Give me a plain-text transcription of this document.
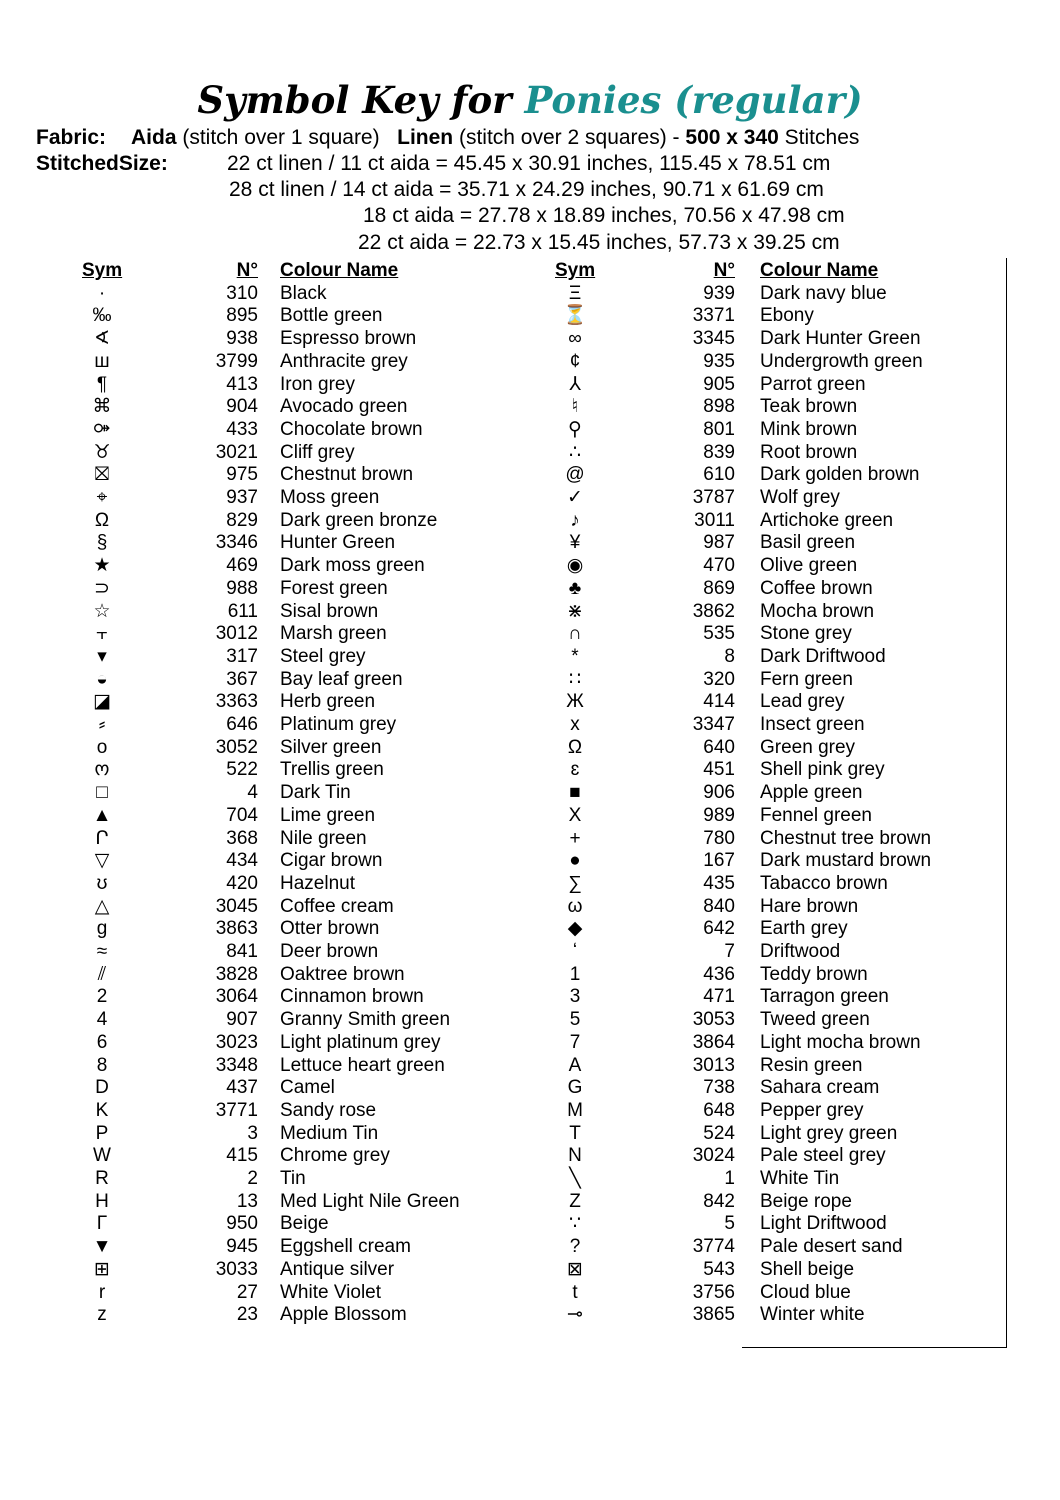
Symbol Key for Ponies (regular)
Fabric: Aida (stitch over 1 square) Linen (stitch over 2 squares) - 500 x 340 Stitches
StitchedSize:	22 ct linen / 11 ct aida = 45.45 x 30.91 inches, 115.45 x 78.51 cm
28 ct linen / 14 ct aida = 35.71 x 24.29 inches, 90.71 x 61.69 cm
18 ct aida = 27.78 x 18.89 inches, 70.56 x 47.98 cm
22 ct aida = 22.73 x 15.45 inches, 57.73 x 39.25 cm
Sym	N° Colour Name
·	310 Black
‰	895 Bottle green
∢	938 Espresso brown
ш	3799 Anthracite grey
¶	413 Iron grey
⌘	904 Avocado green
⚩	433 Chocolate brown
♉	3021 Cliff grey
⛝	975 Chestnut brown
⌖	937 Moss green
Ω	829 Dark green bronze
§	3346 Hunter Green
★	469 Dark moss green
⊃	988 Forest green
☆	611 Sisal brown
⫟	3012 Marsh green
▾	317 Steel grey
◒	367 Bay leaf green
◪	3363 Herb green
⸗	646 Platinum grey
o	3052 Silver green
ო	522 Trellis green
□	4 Dark Tin
▲	704 Lime green
Ր	368 Nile green
▽	434 Cigar brown
ʊ	420 Hazelnut
△	3045 Coffee cream
g	3863 Otter brown
≈	841 Deer brown
⫽	3828 Oaktree brown
2	3064 Cinnamon brown
4	907 Granny Smith green
6	3023 Light platinum grey
8	3348 Lettuce heart green
D	437 Camel
K	3771 Sandy rose
P	3 Medium Tin
W	415 Chrome grey
R	2 Tin
H	13 Med Light Nile Green
Γ	950 Beige
▼	945 Eggshell cream
⊞	3033 Antique silver
r	27 White Violet
z	23 Apple Blossom
Sym	N° Colour Name
Ξ	939 Dark navy blue
⏳	3371 Ebony
∞	3345 Dark Hunter Green
¢	935 Undergrowth green
⅄	905 Parrot green
♮	898 Teak brown
⚲	801 Mink brown
∴	839 Root brown
@	610 Dark golden brown
✓	3787 Wolf grey
♪	3011 Artichoke green
¥	987 Basil green
◉	470 Olive green
♣	869 Coffee brown
⋇	3862 Mocha brown
∩	535 Stone grey
*	8 Dark Driftwood
∷	320 Fern green
Ж	414 Lead grey
x	3347 Insect green
Ω	640 Green grey
ɛ	451 Shell pink grey
■	906 Apple green
Χ	989 Fennel green
+	780 Chestnut tree brown
●	167 Dark mustard brown
∑	435 Tabacco brown
ω	840 Hare brown
◆	642 Earth grey
ʻ	7 Driftwood
1	436 Teddy brown
3	471 Tarragon green
5	3053 Tweed green
7	3864 Light mocha brown
A	3013 Resin green
G	738 Sahara cream
M	648 Pepper grey
T	524 Light grey green
N	3024 Pale steel grey
╲	1 White Tin
Z	842 Beige rope
∵	5 Light Driftwood
?	3774 Pale desert sand
⊠	543 Shell beige
t	3756 Cloud blue
⊸	3865 Winter white
